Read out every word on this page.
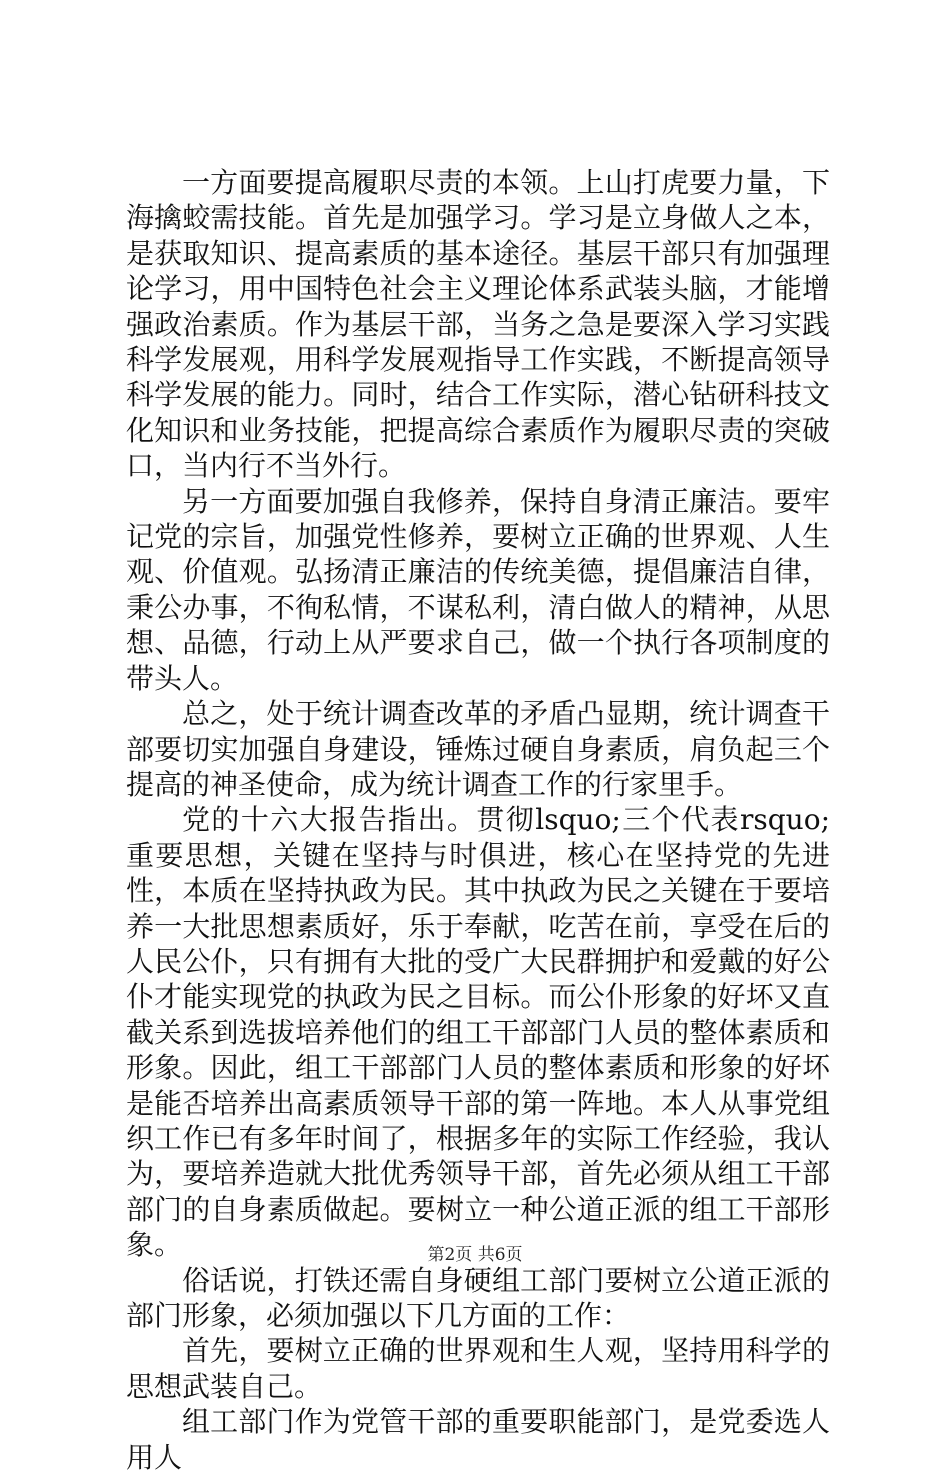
一方面要提高履职尽责的本领。上山打虎要力量，下海擒蛟需技能。首先是加强学习。学习是立身做人之本，是获取知识、提高素质的基本途径。基层干部只有加强理论学习，用中国特色社会主义理论体系武装头脑，才能增强政治素质。作为基层干部，当务之急是要深入学习实践科学发展观，用科学发展观指导工作实践，不断提高领导科学发展的能力。同时，结合工作实际，潜心钻研科技文化知识和业务技能，把提高综合素质作为履职尽责的突破口，当内行不当外行。

另一方面要加强自我修养，保持自身清正廉洁。要牢记党的宗旨，加强党性修养，要树立正确的世界观、人生观、价值观。弘扬清正廉洁的传统美德，提倡廉洁自律，秉公办事，不徇私情，不谋私利，清白做人的精神，从思想、品德，行动上从严要求自己，做一个执行各项制度的带头人。

总之，处于统计调查改革的矛盾凸显期，统计调查干部要切实加强自身建设，锤炼过硬自身素质，肩负起三个提高的神圣使命，成为统计调查工作的行家里手。

党的十六大报告指出。贯彻lsquo;三个代表rsquo;重要思想，关键在坚持与时俱进，核心在坚持党的先进性，本质在坚持执政为民。其中执政为民之关键在于要培养一大批思想素质好，乐于奉献，吃苦在前，享受在后的人民公仆，只有拥有大批的受广大民群拥护和爱戴的好公仆才能实现党的执政为民之目标。而公仆形象的好坏又直截关系到选拔培养他们的组工干部部门人员的整体素质和形象。因此，组工干部部门人员的整体素质和形象的好坏是能否培养出高素质领导干部的第一阵地。本人从事党组织工作已有多年时间了，根据多年的实际工作经验，我认为，要培养造就大批优秀领导干部，首先必须从组工干部部门的自身素质做起。要树立一种公道正派的组工干部形象。

俗话说，打铁还需自身硬组工部门要树立公道正派的部门形象，必须加强以下几方面的工作：

首先，要树立正确的世界观和生人观，坚持用科学的思想武装自己。

组工部门作为党管干部的重要职能部门，是党委选人用人

第2页 共6页
